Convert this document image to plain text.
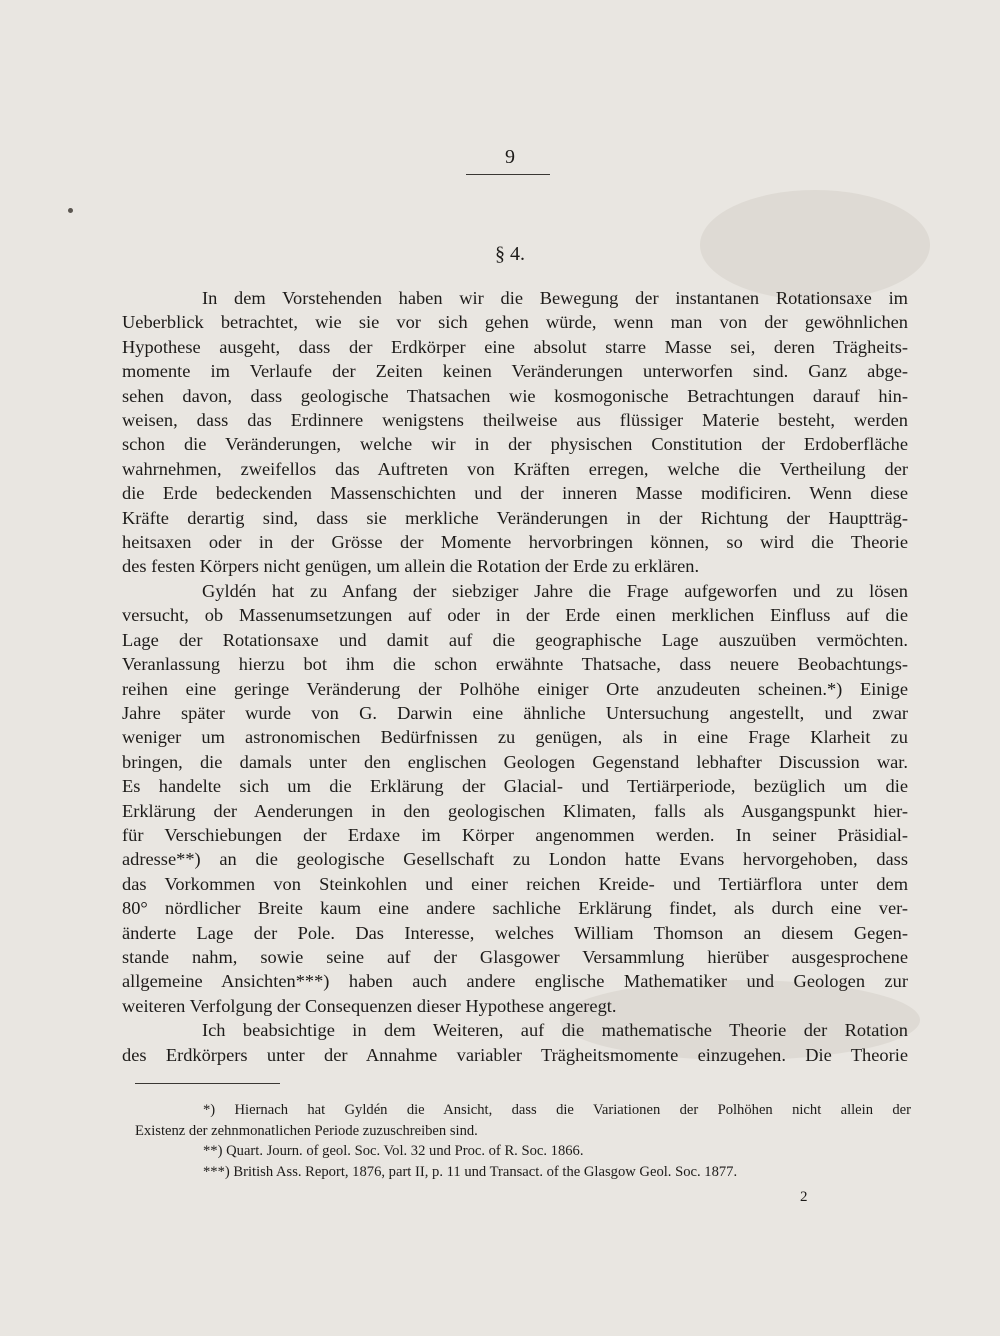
9
§ 4.
In dem Vorstehenden haben wir die Bewegung der instantanen Rotationsaxe im
Ueberblick betrachtet, wie sie vor sich gehen würde, wenn man von der gewöhnlichen
Hypothese ausgeht, dass der Erdkörper eine absolut starre Masse sei, deren Trägheits-
momente im Verlaufe der Zeiten keinen Veränderungen unterworfen sind. Ganz abge-
sehen davon, dass geologische Thatsachen wie kosmogonische Betrachtungen darauf hin-
weisen, dass das Erdinnere wenigstens theilweise aus flüssiger Materie besteht, werden
schon die Veränderungen, welche wir in der physischen Constitution der Erdoberfläche
wahrnehmen, zweifellos das Auftreten von Kräften erregen, welche die Vertheilung der
die Erde bedeckenden Massenschichten und der inneren Masse modificiren. Wenn diese
Kräfte derartig sind, dass sie merkliche Veränderungen in der Richtung der Hauptträg-
heitsaxen oder in der Grösse der Momente hervorbringen können, so wird die Theorie
des festen Körpers nicht genügen, um allein die Rotation der Erde zu erklären.
Gyldén hat zu Anfang der siebziger Jahre die Frage aufgeworfen und zu lösen
versucht, ob Massenumsetzungen auf oder in der Erde einen merklichen Einfluss auf die
Lage der Rotationsaxe und damit auf die geographische Lage auszuüben vermöchten.
Veranlassung hierzu bot ihm die schon erwähnte Thatsache, dass neuere Beobachtungs-
reihen eine geringe Veränderung der Polhöhe einiger Orte anzudeuten scheinen.*) Einige
Jahre später wurde von G. Darwin eine ähnliche Untersuchung angestellt, und zwar
weniger um astronomischen Bedürfnissen zu genügen, als in eine Frage Klarheit zu
bringen, die damals unter den englischen Geologen Gegenstand lebhafter Discussion war.
Es handelte sich um die Erklärung der Glacial- und Tertiärperiode, bezüglich um die
Erklärung der Aenderungen in den geologischen Klimaten, falls als Ausgangspunkt hier-
für Verschiebungen der Erdaxe im Körper angenommen werden. In seiner Präsidial-
adresse**) an die geologische Gesellschaft zu London hatte Evans hervorgehoben, dass
das Vorkommen von Steinkohlen und einer reichen Kreide- und Tertiärflora unter dem
80° nördlicher Breite kaum eine andere sachliche Erklärung findet, als durch eine ver-
änderte Lage der Pole. Das Interesse, welches William Thomson an diesem Gegen-
stande nahm, sowie seine auf der Glasgower Versammlung hierüber ausgesprochene
allgemeine Ansichten***) haben auch andere englische Mathematiker und Geologen zur
weiteren Verfolgung der Consequenzen dieser Hypothese angeregt.
Ich beabsichtige in dem Weiteren, auf die mathematische Theorie der Rotation
des Erdkörpers unter der Annahme variabler Trägheitsmomente einzugehen. Die Theorie
*) Hiernach hat Gyldén die Ansicht, dass die Variationen der Polhöhen nicht allein der
Existenz der zehnmonatlichen Periode zuzuschreiben sind.
**) Quart. Journ. of geol. Soc. Vol. 32 und Proc. of R. Soc. 1866.
***) British Ass. Report, 1876, part II, p. 11 und Transact. of the Glasgow Geol. Soc. 1877.
2
